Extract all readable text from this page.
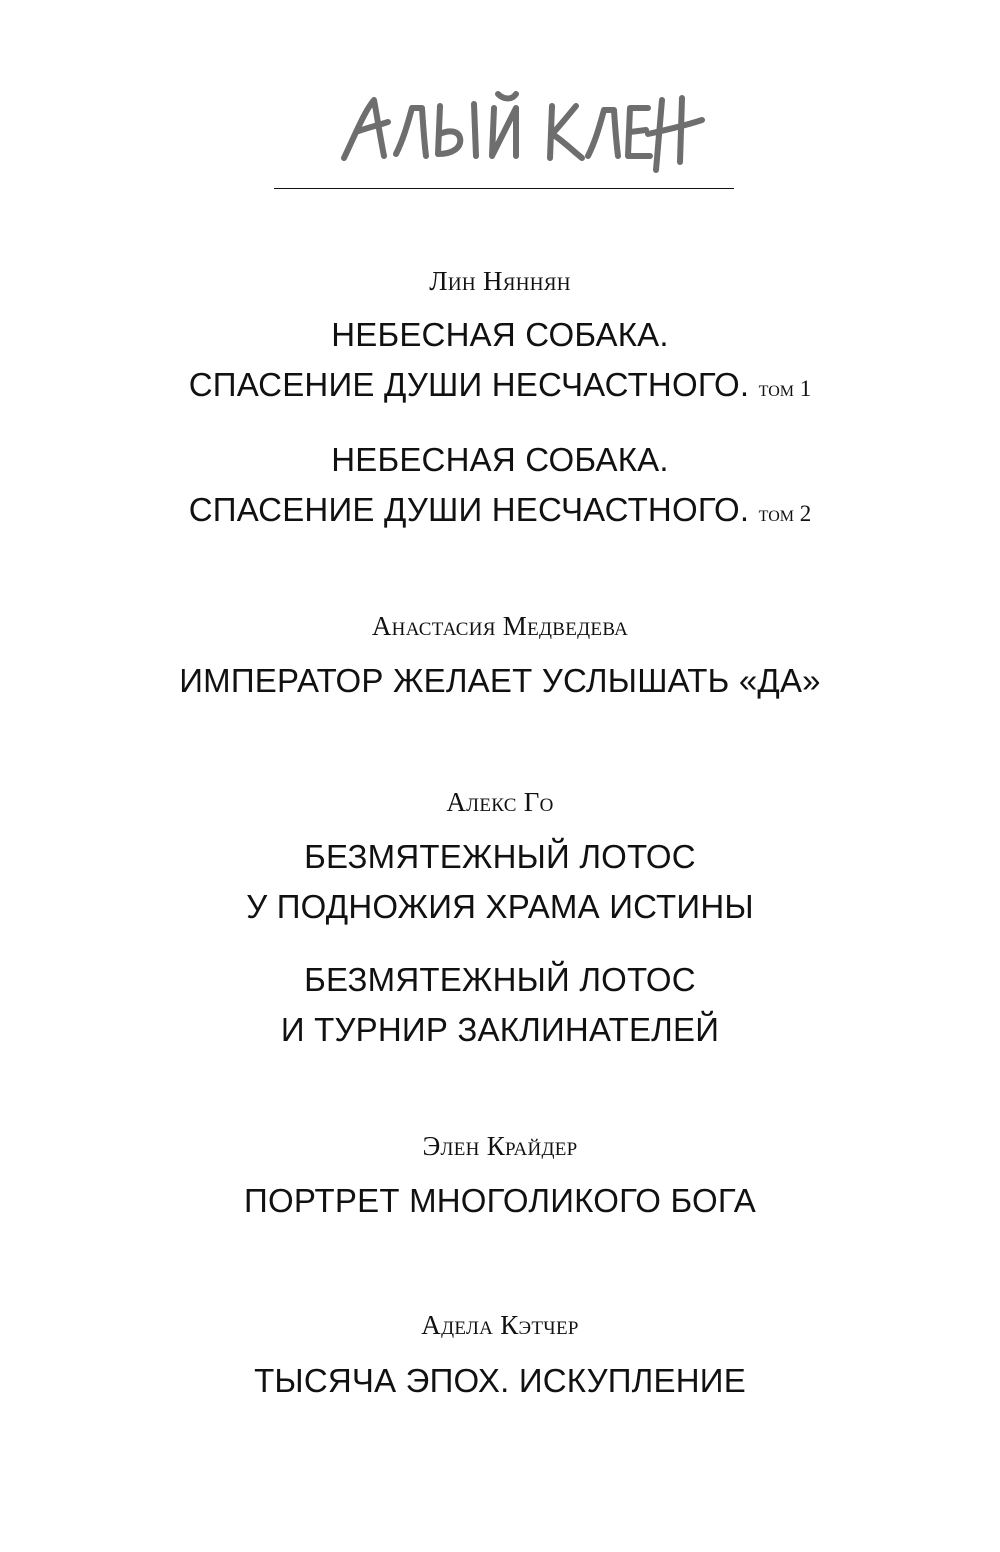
Лин Няннян
НЕБЕСНАЯ СОБАКА.
СПАСЕНИЕ ДУШИ НЕСЧАСТНОГО. том 1
НЕБЕСНАЯ СОБАКА.
СПАСЕНИЕ ДУШИ НЕСЧАСТНОГО. том 2
Анастасия Медведева
ИМПЕРАТОР ЖЕЛАЕТ УСЛЫШАТЬ «ДА»
Алекс Го
БЕЗМЯТЕЖНЫЙ ЛОТОС
У ПОДНОЖИЯ ХРАМА ИСТИНЫ
БЕЗМЯТЕЖНЫЙ ЛОТОС
И ТУРНИР ЗАКЛИНАТЕЛЕЙ
Элен Крайдер
ПОРТРЕТ МНОГОЛИКОГО БОГА
Адела Кэтчер
ТЫСЯЧА ЭПОХ. ИСКУПЛЕНИЕ
